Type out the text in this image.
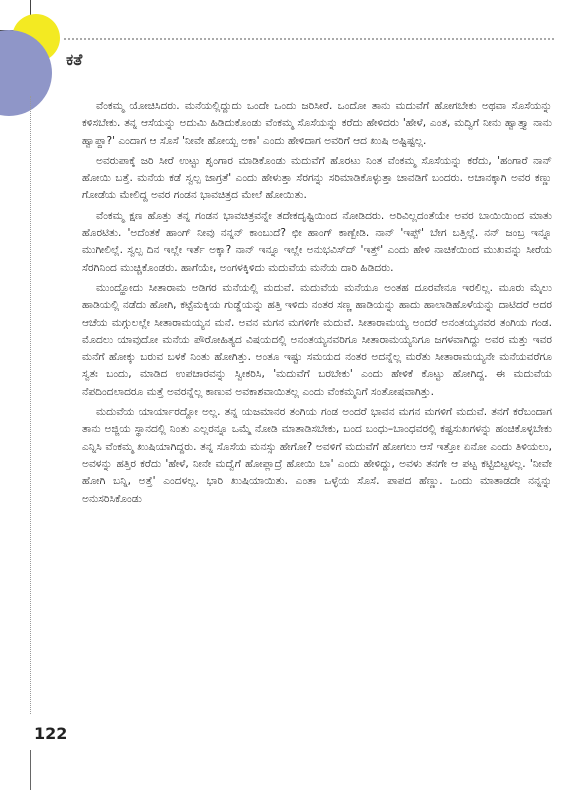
ಕತೆ
122

ವೆಂಕಮ್ಮ ಯೋಚಿಸಿದರು. ಮನೆಯಲ್ಲಿದ್ದುದು ಒಂದೇ ಒಂದು ಜರಿಸೀರೆ. ಒಂದೋ ತಾನು ಮದುವೆಗೆ ಹೋಗಬೇಕು ಅಥವಾ ಸೊಸೆಯನ್ನು ಕಳಿಸಬೇಕು. ತನ್ನ ಆಸೆಯನ್ನು ಅದುಮಿ ಹಿಡಿದುಕೊಂಡು ವೆಂಕಮ್ಮ ಸೊಸೆಯನ್ನು ಕರೆದು ಹೇಳಿದರು 'ಹೇಳೆ, ಎಂತ, ಮದ್ವಿಗೆ ನೀನು ಹ್ವಾತ್ತ್ಯಾ ನಾನು ಹ್ವಾಪ್ದಾ?' ಎಂದಾಗ ಆ ಸೊಸೆ 'ನೀವೇ ಹೋಯ್ಬ ಅಕಾ' ಎಂದು ಹೇಳಿದಾಗ ಅವರಿಗೆ ಆದ ಖುಷಿ ಅಷ್ಟಿಷ್ಟಲ್ಲ.

ಅವರುಪಾಕ್ಕೆ ಜರಿ ಸೀರೆ ಉಟ್ಟು ಶೃಂಗಾರ ಮಾಡಿಕೊಂಡು ಮದುವೆಗೆ ಹೊರಟು ನಿಂತ ವೆಂಕಮ್ಮ ಸೊಸೆಯನ್ನು ಕರೆದು, 'ಹಂಗಾರೆ ನಾನ್ ಹೋಯಿ ಬತ್ತೆ. ಮನೆಯ ಕಡೆ ಸ್ವಲ್ಪ ಜಾಗ್ರತೆ' ಎಂದು ಹೇಳುತ್ತಾ ಸೆರಗನ್ನು ಸರಿಮಾಡಿಕೊಳ್ಳುತ್ತಾ ಚಾವಡಿಗೆ ಬಂದರು. ಅಚಾನಕ್ಕಾಗಿ ಅವರ ಕಣ್ಣು ಗೋಡೆಯ ಮೇಲಿದ್ದ ಅವರ ಗಂಡನ ಭಾವಚಿತ್ರದ ಮೇಲೆ ಹೋಯಿತು.

ವೆಂಕಮ್ಮ ಕ್ಷಣ ಹೊತ್ತು ತನ್ನ ಗಂಡನ ಭಾವಚಿತ್ರವನ್ನೇ ತದೇಕದೃಷ್ಟಿಯಿಂದ ನೋಡಿದರು. ಅರಿವಿಲ್ಲದಂತೆಯೇ ಅವರ ಬಾಯಿಯಿಂದ ಮಾತು ಹೊರಟಿತು. 'ಅದೆಂತಕೆ ಹಾಂಗ್ ನೀವು ನನ್ನನ್ ಕಾಂಬುದೆ? ಛೀ ಹಾಂಗ್ ಕಾಣ್ಬೇಡಿ. ನಾನ್ 'ಇಪ್ಪ್' ಬೇಗ ಬತ್ತಿಲ್ಲೆ. ನನ್ ಜಂಬ್ರ ಇನ್ನೂ ಮುಗೀಲಿಲ್ಲೆ. ಸ್ವಲ್ಪ ದಿನ ಇಲ್ಲೇ ಇರ್ತೆ ಅಕ್ಕಾ? ನಾನ್ ಇನ್ನೂ ಇಲ್ಲೇ ಅನುಭವಿಸ್‌ದ್ 'ಇತ್ತ್' ಎಂದು ಹೇಳಿ ನಾಚಿಕೆಯಿಂದ ಮುಖವನ್ನು ಸೀರೆಯ ಸೆರಗಿನಿಂದ ಮುಚ್ಚಿಕೊಂಡರು. ಹಾಗೆಯೇ, ಅಂಗಳಕ್ಕಿಳಿದು ಮದುವೆಯ ಮನೆಯ ದಾರಿ ಹಿಡಿದರು.

ಮುಂದ್ಹೋದು ಸೀತಾರಾಮ ಅಡಿಗರ ಮನೆಯಲ್ಲಿ ಮದುವೆ. ಮದುವೆಯ ಮನೆಯೂ ಅಂತಹ ದೂರವೇನೂ ಇರಲಿಲ್ಲ. ಮೂರು ಮೈಲು ಹಾಡಿಯಲ್ಲಿ ನಡೆದು ಹೋಗಿ, ಕಟ್ಟೆಮಕ್ಕಿಯ ಗುಡ್ಡೆಯನ್ನು ಹತ್ತಿ ಇಳಿದು ನಂತರ ಸಣ್ಣ ಹಾಡಿಯನ್ನು ಹಾದು ಹಾಲಾಡಿಹೊಳೆಯನ್ನು ದಾಟಿದರೆ ಅದರ ಆಚೆಯ ಮಗ್ಗುಲಲ್ಲೇ ಸೀತಾರಾಮಯ್ಯನ ಮನೆ. ಅವನ ಮಗನ ಮಗಳಿಗೇ ಮದುವೆ. ಸೀತಾರಾಮಯ್ಯ ಅಂದರೆ ಅನಂತಯ್ಯನವರ ತಂಗಿಯ ಗಂಡ. ಮೊದಲು ಯಾವುದೋ ಮನೆಯ ಪೌರೋಹಿತ್ಯದ ವಿಷಯದಲ್ಲಿ ಅನಂತಯ್ಯನವರಿಗೂ ಸೀತಾರಾಮಯ್ಯನಿಗೂ ಜಗಳವಾಗಿದ್ದು ಅವರ ಮತ್ತು ಇವರ ಮನೆಗೆ ಹೋಕ್ಕು ಬರುವ ಬಳಕೆ ನಿಂತು ಹೋಗಿತ್ತು. ಅಂತೂ ಇಷ್ಟು ಸಮಯದ ನಂತರ ಅದನ್ನೆಲ್ಲ ಮರೆತು ಸೀತಾರಾಮಯ್ಯನೇ ಮನೆಯವರೆಗೂ ಸ್ವತಃ ಬಂದು, ಮಾಡಿದ ಉಪಚಾರವನ್ನು ಸ್ವೀಕರಿಸಿ, 'ಮದುವೆಗೆ ಬರಬೇಕು' ಎಂದು ಹೇಳಿಕೆ ಕೊಟ್ಟು ಹೋಗಿದ್ದ. ಈ ಮದುವೆಯ ನೆಪದಿಂದಲಾದರೂ ಮತ್ತೆ ಅವರನ್ನೆಲ್ಲ ಕಾಣುವ ಅವಕಾಶವಾಯಿತಲ್ಲ ಎಂದು ವೆಂಕಮ್ಮನಿಗೆ ಸಂತೋಷವಾಗಿತ್ತು.

ಮದುವೆಯ ಯಾರ್ಯಾರದ್ದೋ ಅಲ್ಲ. ತನ್ನ ಯಜಮಾನರ ತಂಗಿಯ ಗಂಡ ಅಂದರೆ ಭಾವನ ಮಗನ ಮಗಳಿಗೆ ಮದುವೆ. ತನಗೆ ಕರೆಬಂದಾಗ ತಾನು ಅಜ್ಜಿಯ ಸ್ಥಾನದಲ್ಲಿ ನಿಂತು ಎಲ್ಲರನ್ನೂ ಒಮ್ಮೆ ನೋಡಿ ಮಾತಾಡಿಸಬೇಕು, ಬಂದ ಬಂಧು–ಬಾಂಧವರಲ್ಲಿ ಕಷ್ಟಸುಖಗಳನ್ನು ಹಂಚಿಕೊಳ್ಳಬೇಕು ಎನ್ನಿಸಿ ವೆಂಕಮ್ಮ ಖುಷಿಯಾಗಿದ್ದರು. ತನ್ನ ಸೊಸೆಯ ಮನಸ್ಸು ಹೇಗೋ? ಅವಳಿಗೆ ಮದುವೆಗೆ ಹೋಗಲು ಆಸೆ ಇತ್ತೋ ಏನೋ ಎಂದು ತಿಳಿಯಲು, ಅವಳನ್ನು ಹತ್ತಿರ ಕರೆದು 'ಹೇಳೆ, ನೀನೇ ಮದ್ವೆಗೆ ಹೋಪ್ಲಾದ್ರೆ ಹೋಯಿ ಬಾ' ಎಂದು ಹೇಳಿದ್ದು, ಅವಳು ತನಗೇ ಆ ಪಟ್ಟ ಕಟ್ಟಿಬಿಟ್ಟಳಲ್ಲ. 'ನೀವೇ ಹೋಗಿ ಬನ್ನಿ, ಅತ್ತೆ' ಎಂದಳಲ್ಲ. ಭಾರಿ ಖುಷಿಯಾಯಿತು. ಎಂತಾ ಒಳ್ಳೆಯ ಸೊಸೆ. ಪಾಪದ ಹೆಣ್ಣು. ಒಂದು ಮಾತಾಡದೇ ನನ್ನನ್ನು ಅನುಸರಿಸಿಕೊಂಡು
